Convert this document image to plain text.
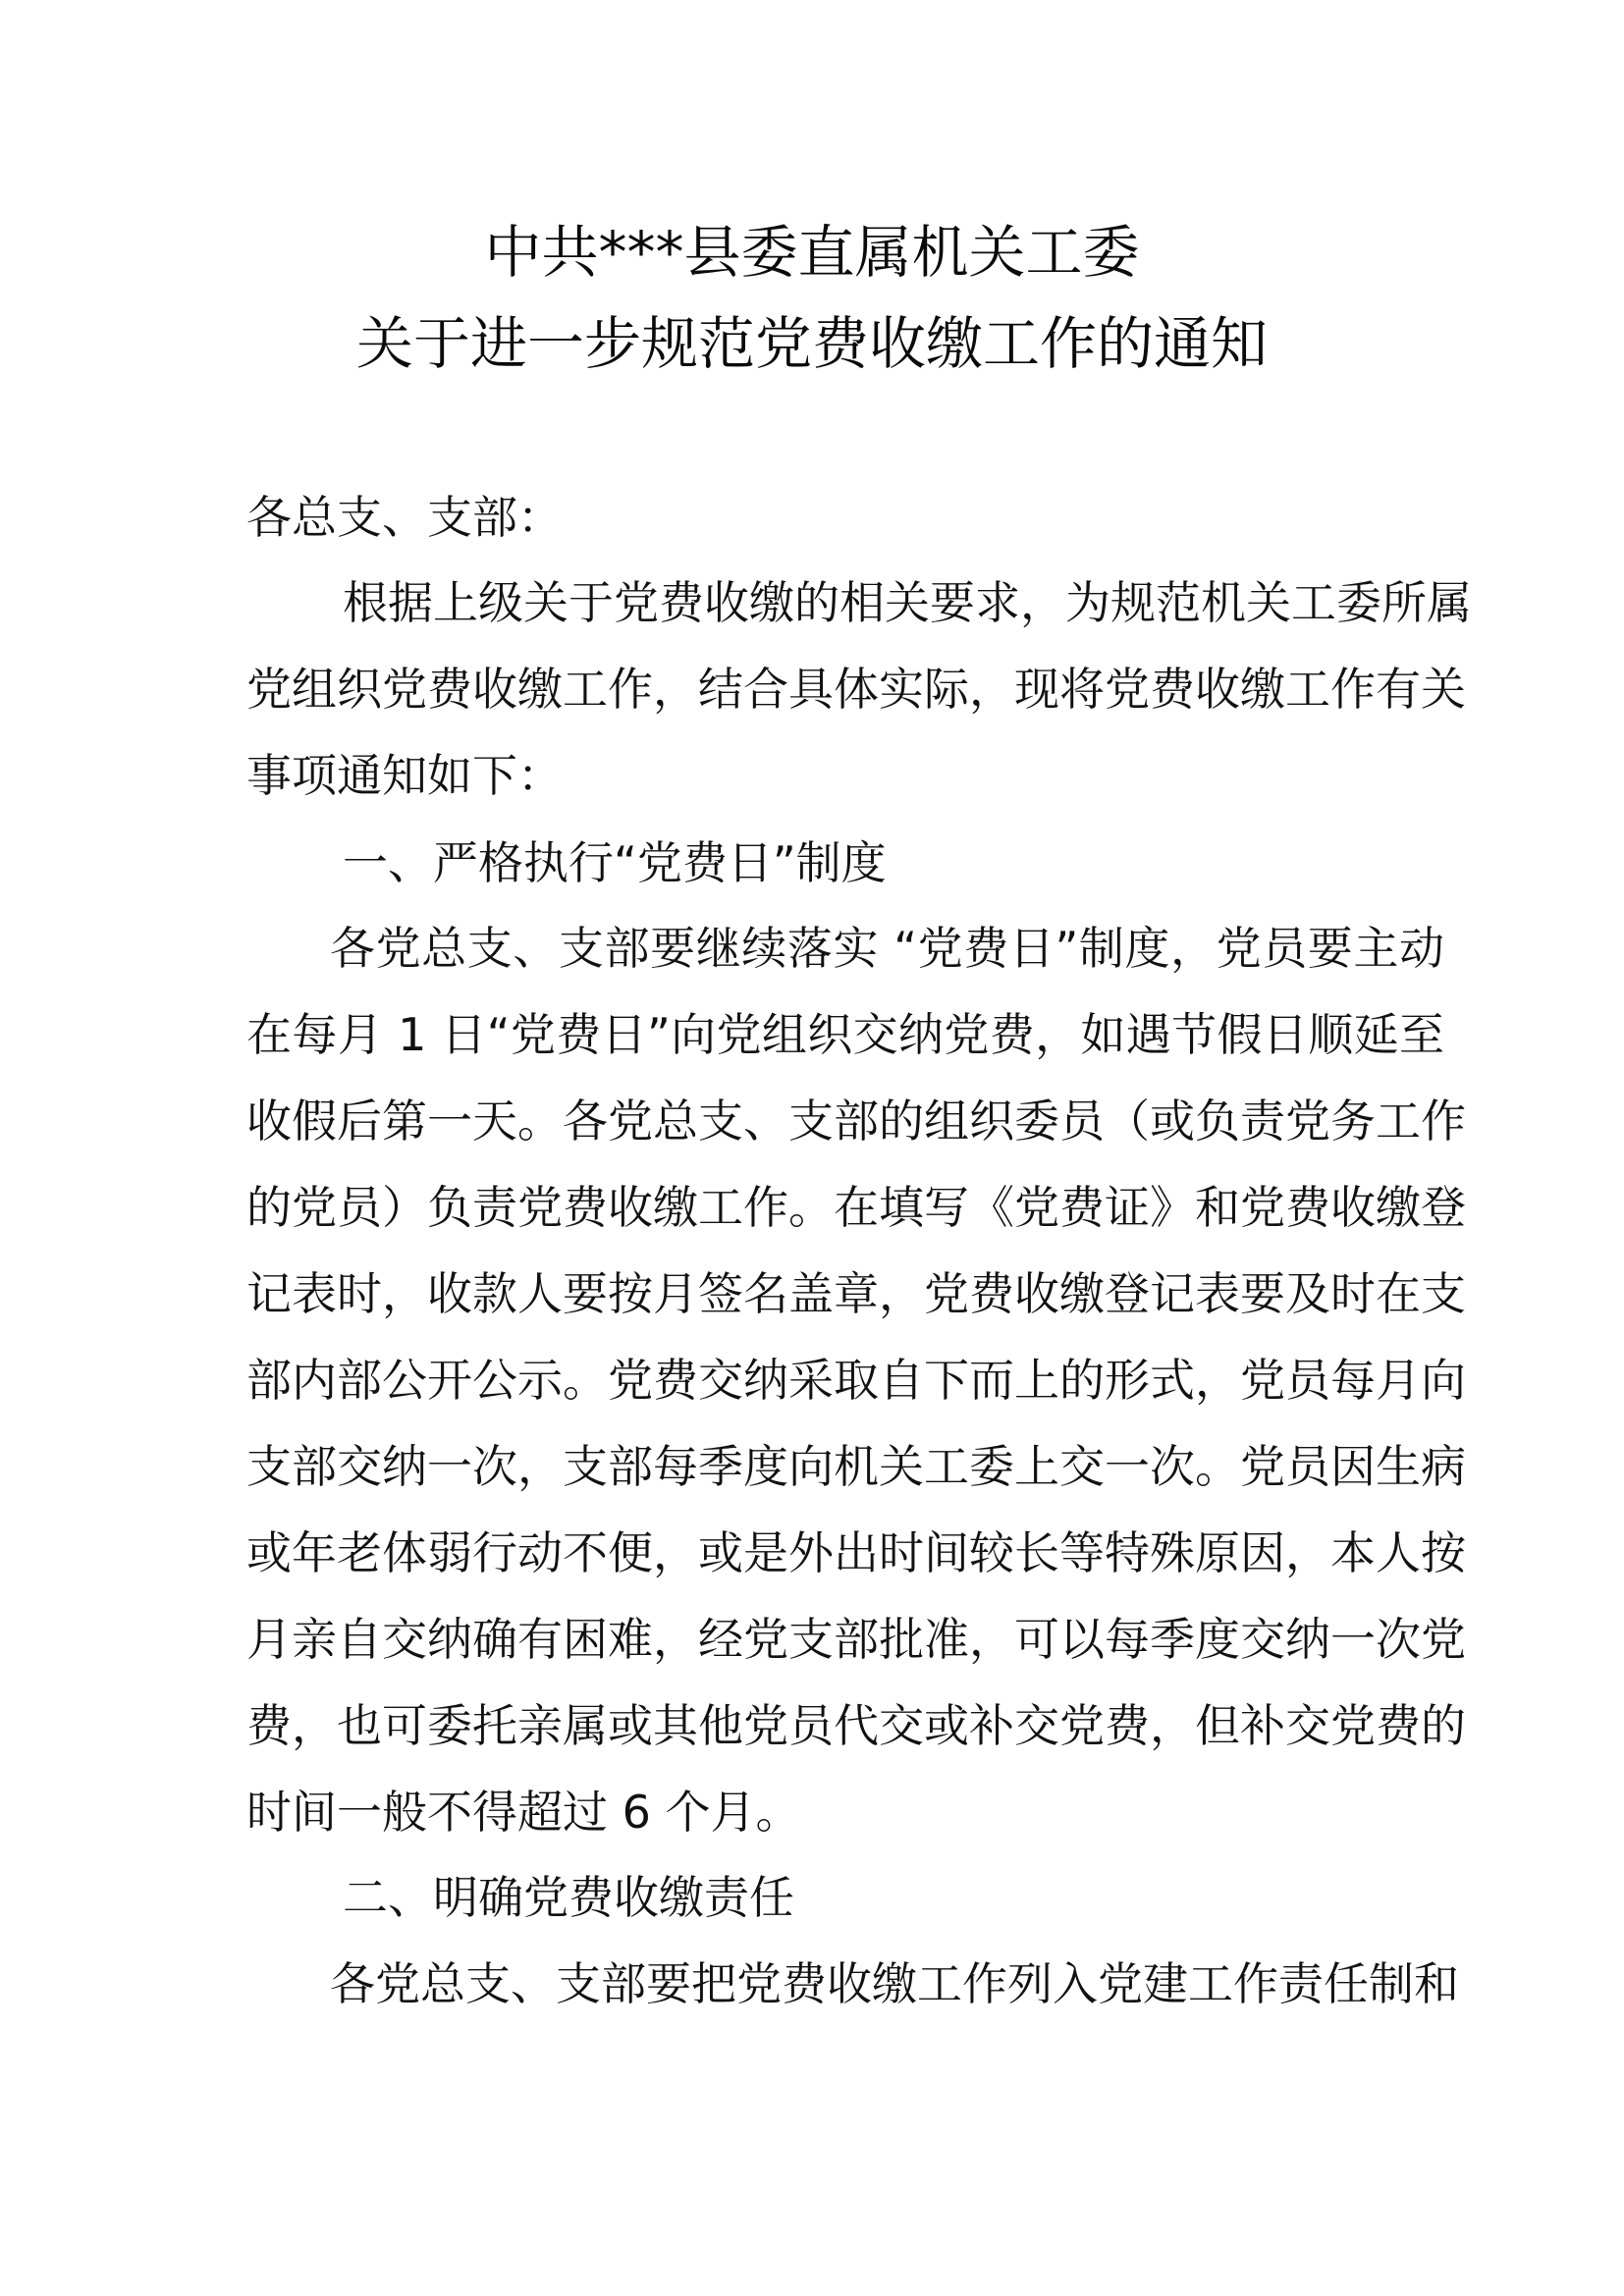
中共***县委直属机关工委
关于进一步规范党费收缴工作的通知
各总支、支部：
根据上级关于党费收缴的相关要求，为规范机关工委所属
党组织党费收缴工作，结合具体实际，现将党费收缴工作有关
事项通知如下：
一、严格执行“党费日”制度
各党总支、支部要继续落实 “党费日”制度，党员要主动
在每月 1 日“党费日”向党组织交纳党费，如遇节假日顺延至
收假后第一天。各党总支、支部的组织委员（或负责党务工作
的党员）负责党费收缴工作。在填写《党费证》和党费收缴登
记表时，收款人要按月签名盖章，党费收缴登记表要及时在支
部内部公开公示。党费交纳采取自下而上的形式，党员每月向
支部交纳一次，支部每季度向机关工委上交一次。党员因生病
或年老体弱行动不便，或是外出时间较长等特殊原因，本人按
月亲自交纳确有困难，经党支部批准，可以每季度交纳一次党
费，也可委托亲属或其他党员代交或补交党费，但补交党费的
时间一般不得超过 6 个月。
二、明确党费收缴责任
各党总支、支部要把党费收缴工作列入党建工作责任制和
